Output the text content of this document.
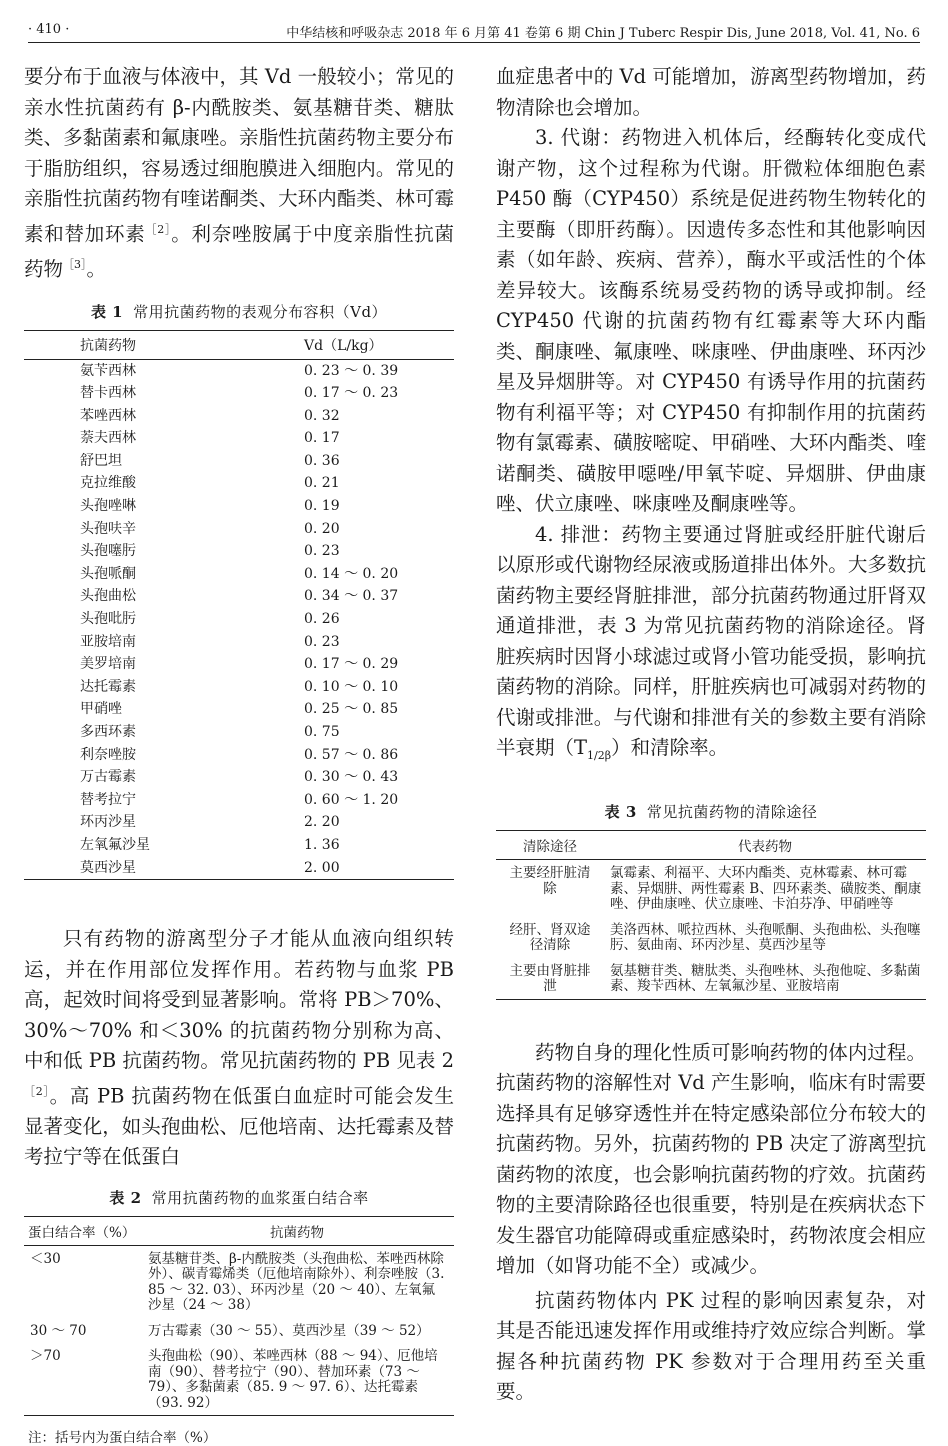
· 410 ·	中华结核和呼吸杂志 2018 年 6 月第 41 卷第 6 期 Chin J Tuberc Respir Dis, June 2018, Vol. 41, No. 6

要分布于血液与体液中，其 Vd 一般较小；常见的亲水性抗菌药有 β-内酰胺类、氨基糖苷类、糖肽类、多黏菌素和氟康唑。亲脂性抗菌药物主要分布于脂肪组织，容易透过细胞膜进入细胞内。常见的亲脂性抗菌药物有喹诺酮类、大环内酯类、林可霉素和替加环素$^{[2]}$。利奈唑胺属于中度亲脂性抗菌药物$^{[3]}$。

表 1 常用抗菌药物的表观分布容积（Vd）
抗菌药物	Vd（L/kg）
氨苄西林	0. 23 ～ 0. 39
替卡西林	0. 17 ～ 0. 23
苯唑西林	0. 32
萘夫西林	0. 17
舒巴坦	0. 36
克拉维酸	0. 21
头孢唑啉	0. 19
头孢呋辛	0. 20
头孢噻肟	0. 23
头孢哌酮	0. 14 ～ 0. 20
头孢曲松	0. 34 ～ 0. 37
头孢吡肟	0. 26
亚胺培南	0. 23
美罗培南	0. 17 ～ 0. 29
达托霉素	0. 10 ～ 0. 10
甲硝唑	0. 25 ～ 0. 85
多西环素	0. 75
利奈唑胺	0. 57 ～ 0. 86
万古霉素	0. 30 ～ 0. 43
替考拉宁	0. 60 ～ 1. 20
环丙沙星	2. 20
左氧氟沙星	1. 36
莫西沙星	2. 00

只有药物的游离型分子才能从血液向组织转运，并在作用部位发挥作用。若药物与血浆 PB 高，起效时间将受到显著影响。常将 PB＞70%、30%～70% 和＜30% 的抗菌药物分别称为高、中和低 PB 抗菌药物。常见抗菌药物的 PB 见表 $2^{[2]}$。高 PB 抗菌药物在低蛋白血症时可能会发生显著变化，如头孢曲松、厄他培南、达托霉素及替考拉宁等在低蛋白

表 2 常用抗菌药物的血浆蛋白结合率
蛋白结合率（%）	抗菌药物
＜30	氨基糖苷类、β-内酰胺类（头孢曲松、苯唑西林除外）、碳青霉烯类（厄他培南除外）、利奈唑胺（3. 85 ～ 32. 03）、环丙沙星（20 ～ 40）、左氧氟沙星（24 ～ 38）
30 ～ 70	万古霉素（30 ～ 55）、莫西沙星（39 ～ 52）
＞70	头孢曲松（90）、苯唑西林（88 ～ 94）、厄他培南（90）、替考拉宁（90）、替加环素（73 ～ 79）、多黏菌素（85. 9 ～ 97. 6）、达托霉素（93. 92）
注：括号内为蛋白结合率（%）

血症患者中的 Vd 可能增加，游离型药物增加，药物清除也会增加。

3. 代谢：药物进入机体后，经酶转化变成代谢产物，这个过程称为代谢。肝微粒体细胞色素 P450 酶（CYP450）系统是促进药物生物转化的主要酶（即肝药酶）。因遗传多态性和其他影响因素（如年龄、疾病、营养），酶水平或活性的个体差异较大。该酶系统易受药物的诱导或抑制。经 CYP450 代谢的抗菌药物有红霉素等大环内酯类、酮康唑、氟康唑、咪康唑、伊曲康唑、环丙沙星及异烟肼等。对 CYP450 有诱导作用的抗菌药物有利福平等；对 CYP450 有抑制作用的抗菌药物有氯霉素、磺胺嘧啶、甲硝唑、大环内酯类、喹诺酮类、磺胺甲噁唑/甲氧苄啶、异烟肼、伊曲康唑、伏立康唑、咪康唑及酮康唑等。

4. 排泄：药物主要通过肾脏或经肝脏代谢后以原形或代谢物经尿液或肠道排出体外。大多数抗菌药物主要经肾脏排泄，部分抗菌药物通过肝肾双通道排泄，表 3 为常见抗菌药物的消除途径。肾脏疾病时因肾小球滤过或肾小管功能受损，影响抗菌药物的消除。同样，肝脏疾病也可减弱对药物的代谢或排泄。与代谢和排泄有关的参数主要有消除半衰期$(T_{1/2\beta})$和清除率。

表 3 常见抗菌药物的清除途径
清除途径	代表药物
主要经肝脏清除	氯霉素、利福平、大环内酯类、克林霉素、林可霉素、异烟肼、两性霉素 B、四环素类、磺胺类、酮康唑、伊曲康唑、伏立康唑、卡泊芬净、甲硝唑等
经肝、肾双途径清除	美洛西林、哌拉西林、头孢哌酮、头孢曲松、头孢噻肟、氨曲南、环丙沙星、莫西沙星等
主要由肾脏排泄	氨基糖苷类、糖肽类、头孢唑林、头孢他啶、多黏菌素、羧苄西林、左氧氟沙星、亚胺培南

药物自身的理化性质可影响药物的体内过程。抗菌药物的溶解性对 Vd 产生影响，临床有时需要选择具有足够穿透性并在特定感染部位分布较大的抗菌药物。另外，抗菌药物的 PB 决定了游离型抗菌药物的浓度，也会影响抗菌药物的疗效。抗菌药物的主要清除路径也很重要，特别是在疾病状态下发生器官功能障碍或重症感染时，药物浓度会相应增加（如肾功能不全）或减少。

抗菌药物体内 PK 过程的影响因素复杂，对其是否能迅速发挥作用或维持疗效应综合判断。掌握各种抗菌药物 PK 参数对于合理用药至关重要。
